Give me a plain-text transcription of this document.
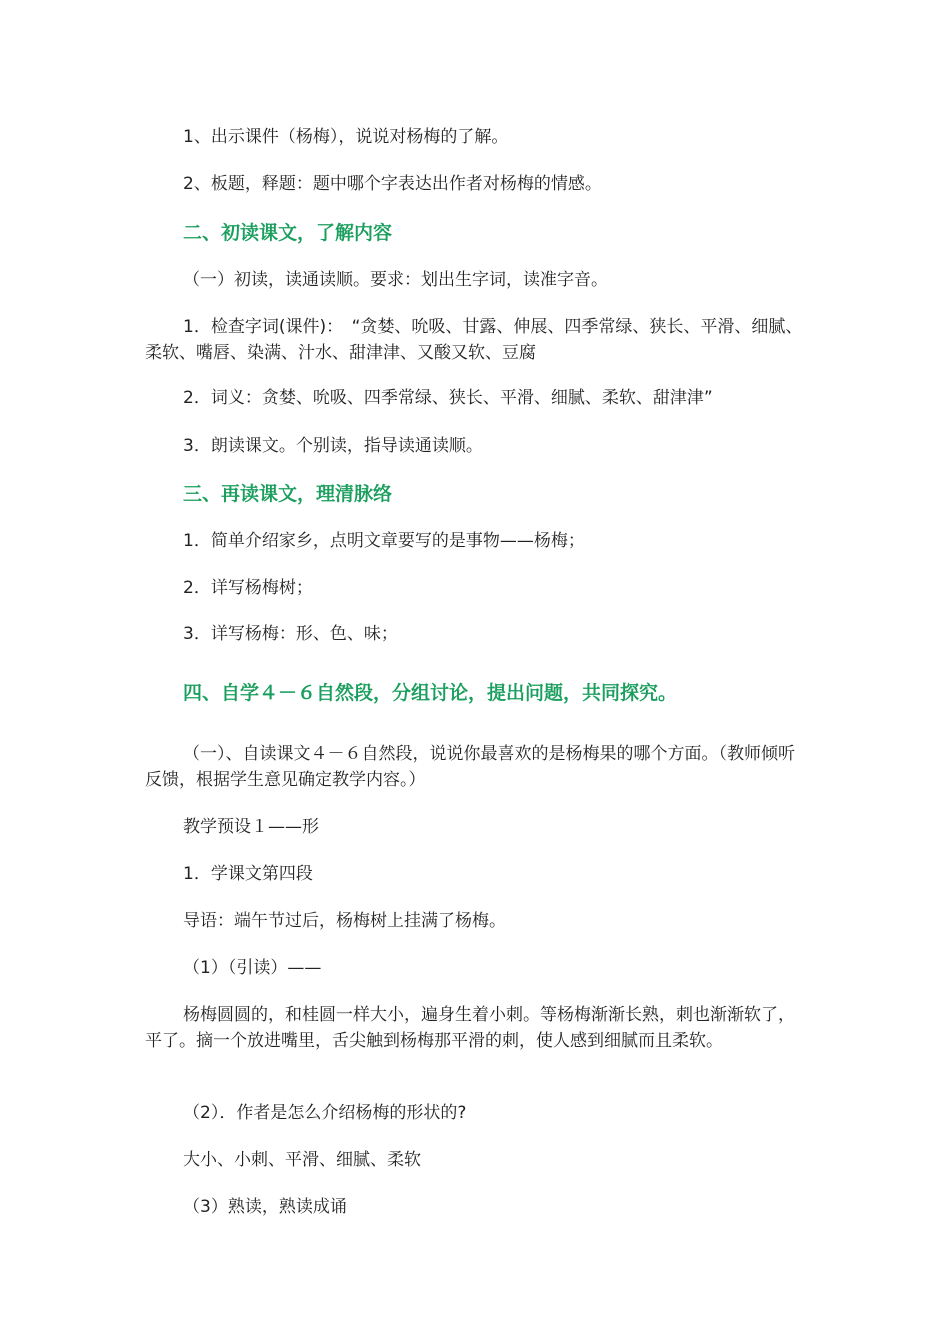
1、出示课件（杨梅），说说对杨梅的了解。

2、板题，释题：题中哪个字表达出作者对杨梅的情感。

二、初读课文，了解内容

（一）初读，读通读顺。要求：划出生字词，读准字音。

1．检查字词(课件)：　“贪婪、吮吸、甘露、伸展、四季常绿、狭长、平滑、细腻、柔软、嘴唇、染满、汁水、甜津津、又酸又软、豆腐

2．词义：贪婪、吮吸、四季常绿、狭长、平滑、细腻、柔软、甜津津”

3．朗读课文。个别读，指导读通读顺。

三、再读课文，理清脉络

1．简单介绍家乡，点明文章要写的是事物——杨梅；

2．详写杨梅树；

3．详写杨梅：形、色、味；

四、自学４－６自然段，分组讨论，提出问题，共同探究。

（一）、自读课文４－６自然段，说说你最喜欢的是杨梅果的哪个方面。（教师倾听反馈，根据学生意见确定教学内容。）

教学预设１——形

1．学课文第四段

导语：端午节过后，杨梅树上挂满了杨梅。

（1）（引读）——

杨梅圆圆的，和桂圆一样大小，遍身生着小刺。等杨梅渐渐长熟，刺也渐渐软了，平了。摘一个放进嘴里，舌尖触到杨梅那平滑的刺，使人感到细腻而且柔软。

（2）．作者是怎么介绍杨梅的形状的?

大小、小刺、平滑、细腻、柔软

（3）熟读，熟读成诵
